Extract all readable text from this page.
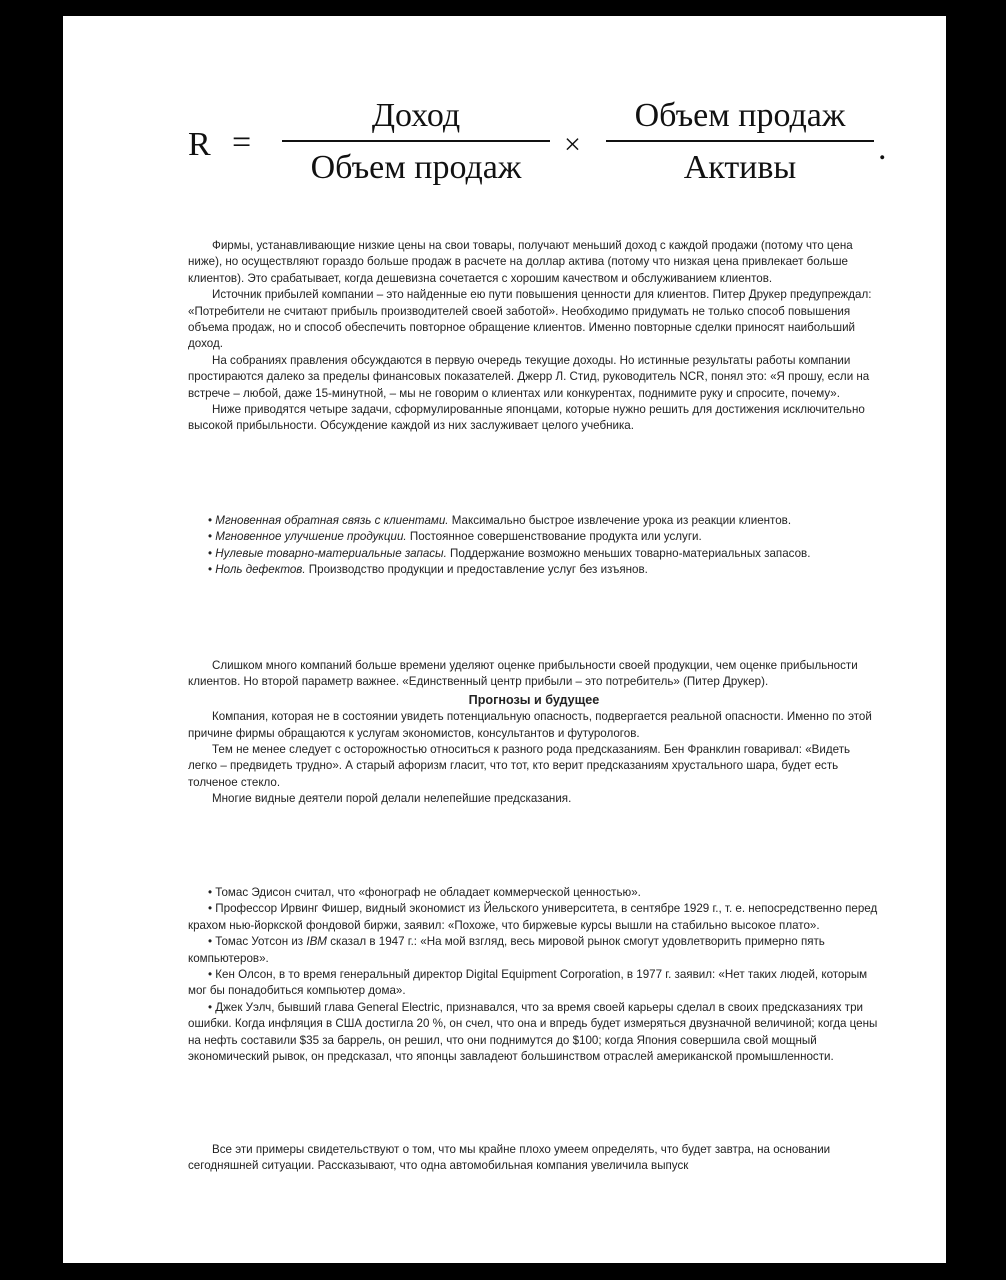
R =
Доход
Объем продаж
×
Объем продаж
Активы
.

Фирмы, устанавливающие низкие цены на свои товары, получают меньший доход с каждой продажи (потому что цена ниже), но осуществляют гораздо больше продаж в расчете на доллар актива (потому что низкая цена привлекает больше клиентов). Это срабатывает, когда дешевизна сочетается с хорошим качеством и обслуживанием клиентов.

Источник прибылей компании – это найденные ею пути повышения ценности для клиентов. Питер Друкер предупреждал: «Потребители не считают прибыль производителей своей заботой». Необходимо придумать не только способ повышения объема продаж, но и способ обеспечить повторное обращение клиентов. Именно повторные сделки приносят наибольший доход.

На собраниях правления обсуждаются в первую очередь текущие доходы. Но истинные результаты работы компании простираются далеко за пределы финансовых показателей. Джерр Л. Стид, руководитель NCR, понял это: «Я прошу, если на встрече – любой, даже 15-минутной, – мы не говорим о клиентах или конкурентах, поднимите руку и спросите, почему».

Ниже приводятся четыре задачи, сформулированные японцами, которые нужно решить для достижения исключительно высокой прибыльности. Обсуждение каждой из них заслуживает целого учебника.

• Мгновенная обратная связь с клиентами. Максимально быстрое извлечение урока из реакции клиентов.

• Мгновенное улучшение продукции. Постоянное совершенствование продукта или услуги.

• Нулевые товарно-материальные запасы. Поддержание возможно меньших товарно-материальных запасов.

• Ноль дефектов. Производство продукции и предоставление услуг без изъянов.

Слишком много компаний больше времени уделяют оценке прибыльности своей продукции, чем оценке прибыльности клиентов. Но второй параметр важнее. «Единственный центр прибыли – это потребитель» (Питер Друкер).

Прогнозы и будущее

Компания, которая не в состоянии увидеть потенциальную опасность, подвергается реальной опасности. Именно по этой причине фирмы обращаются к услугам экономистов, консультантов и футурологов.

Тем не менее следует с осторожностью относиться к разного рода предсказаниям. Бен Франклин говаривал: «Видеть легко – предвидеть трудно». А старый афоризм гласит, что тот, кто верит предсказаниям хрустального шара, будет есть толченое стекло.

Многие видные деятели порой делали нелепейшие предсказания.

• Томас Эдисон считал, что «фонограф не обладает коммерческой ценностью».

• Профессор Ирвинг Фишер, видный экономист из Йельского университета, в сентябре 1929 г., т. е. непосредственно перед крахом нью-йоркской фондовой биржи, заявил: «Похоже, что биржевые курсы вышли на стабильно высокое плато».

• Томас Уотсон из IBM сказал в 1947 г.: «На мой взгляд, весь мировой рынок смогут удовлетворить примерно пять компьютеров».

• Кен Олсон, в то время генеральный директор Digital Equipment Corporation, в 1977 г. заявил: «Нет таких людей, которым мог бы понадобиться компьютер дома».

• Джек Уэлч, бывший глава General Electric, признавался, что за время своей карьеры сделал в своих предсказаниях три ошибки. Когда инфляция в США достигла 20 %, он счел, что она и впредь будет измеряться двузначной величиной; когда цены на нефть составили $35 за баррель, он решил, что они поднимутся до $100; когда Япония совершила свой мощный экономический рывок, он предсказал, что японцы завладеют большинством отраслей американской промышленности.

Все эти примеры свидетельствуют о том, что мы крайне плохо умеем определять, что будет завтра, на основании сегодняшней ситуации. Рассказывают, что одна автомобильная компания увеличила выпуск
